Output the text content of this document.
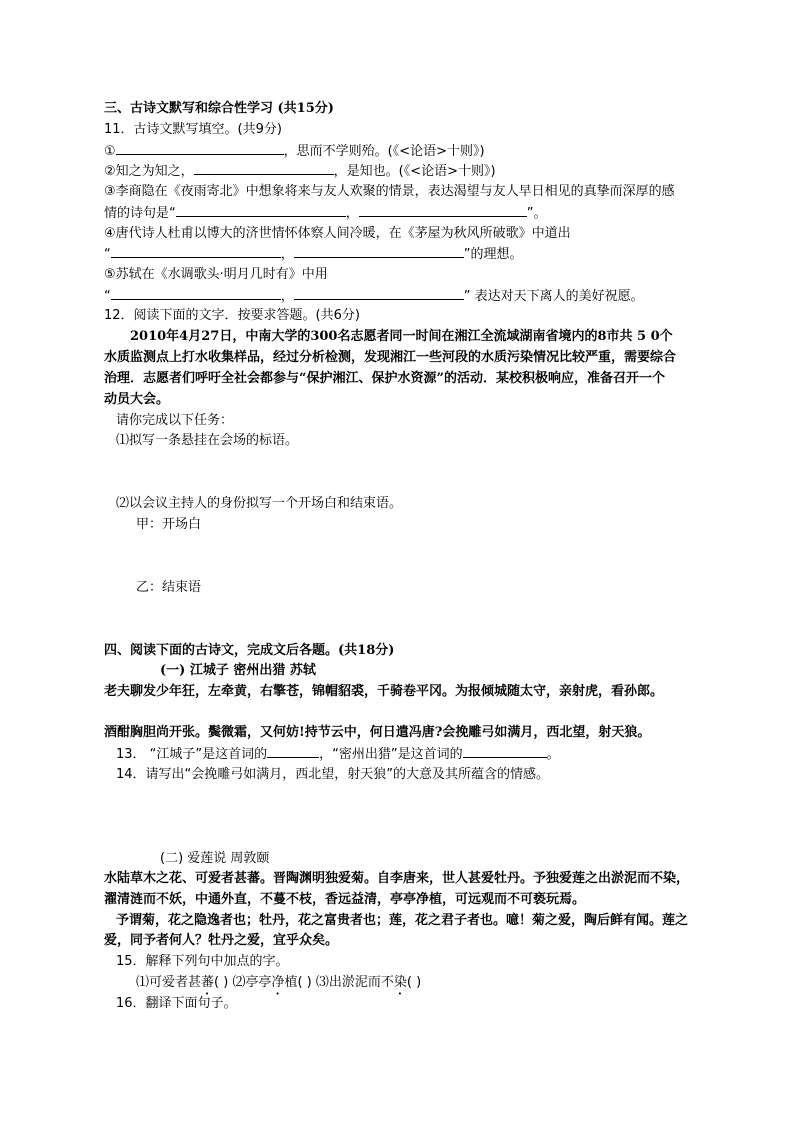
三、古诗文默写和综合性学习 (共15分)
11．古诗文默写填空。(共9分)
①	，思而不学则殆。(《<论语>十则》)
②知之为知之，	，是知也。(《<论语>十则》)
③李商隐在《夜雨寄北》中想象将来与友人欢聚的情景，表达渴望与友人早日相见的真挚而深厚的感
情的诗句是“	，	”。
④唐代诗人杜甫以博大的济世情怀体察人间冷暖，在《茅屋为秋风所破歌》中道出
“	，	”的理想。
⑤苏轼在《水调歌头·明月几时有》中用
“	，	” 表达对天下离人的美好祝愿。
12．阅读下面的文字．按要求答题。(共6分)
2010年4月27日，中南大学的300名志愿者同一时间在湘江全流域湖南省境内的8市共 5 0个
水质监测点上打水收集样品，经过分析检测，发现湘江一些河段的水质污染情况比较严重，需要综合
治理．志愿者们呼吁全社会都参与“保护湘江、保护水资源”的活动．某校积极响应，准备召开一个
动员大会。
请你完成以下任务：
⑴拟写一条悬挂在会场的标语。
⑵以会议主持人的身份拟写一个开场白和结束语。
甲：开场白
乙：结束语
四、阅读下面的古诗文，完成文后各题。(共18分)
(一) 江城子 密州出猎 苏轼
老夫聊发少年狂，左牵黄，右擎苍，锦帽貂裘，千骑卷平冈。为报倾城随太守，亲射虎，看孙郎。
酒酣胸胆尚开张。鬓微霜，又何妨!持节云中，何日遣冯唐?会挽雕弓如满月，西北望，射天狼。
13． “江城子”是这首词的	，“密州出猎”是这首词的	。
14．请写出“会挽雕弓如满月，西北望，射天狼”的大意及其所蕴含的情感。
(二) 爱莲说 周敦颐
水陆草木之花、可爱者甚蕃。晋陶渊明独爱菊。自李唐来，世人甚爱牡丹。予独爱莲之出淤泥而不染，
濯清涟而不妖，中通外直，不蔓不枝，香远益清，亭亭净植，可远观而不可亵玩焉。
予谓菊，花之隐逸者也；牡丹，花之富贵者也；莲，花之君子者也。噫！菊之爱，陶后鲜有闻。莲之
爱，同予者何人？牡丹之爱，宜乎众矣。
15．解释下列句中加点的字。
⑴可爱者甚蕃( ) ⑵亭亭净植( ) ⑶出淤泥而不染( )
16．翻译下面句子。
